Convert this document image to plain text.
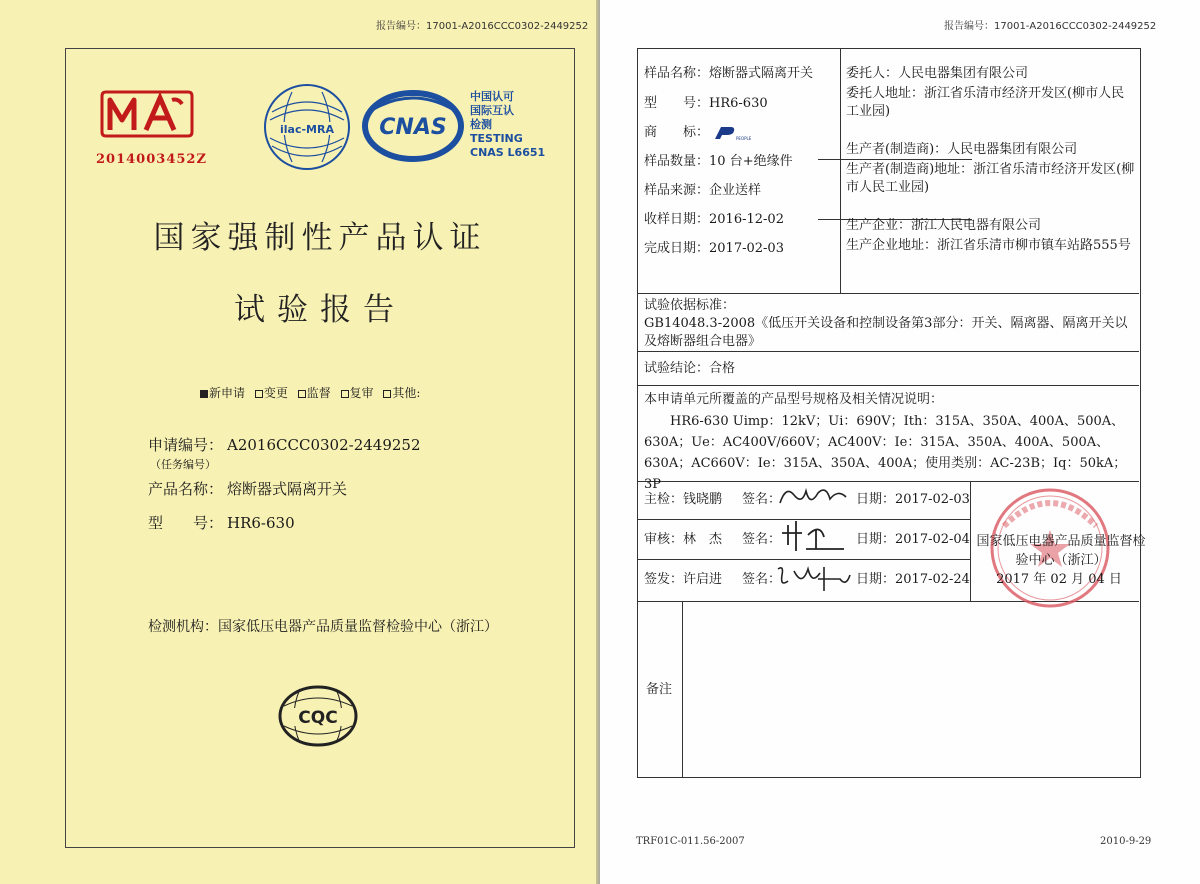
报告编号：17001-A2016CCC0302-2449252
2014003452Z
ilac-MRA CNAS
中国认可
国际互认
检测
TESTING
CNAS L6651
国家强制性产品认证
试验报告
新申请 变更 监督 复审 其他:
申请编号： A2016CCC0302-2449252
（任务编号）
产品名称： 熔断器式隔离开关
型　　号： HR6-630
检测机构：国家低压电器产品质量监督检验中心（浙江）
CQC
报告编号：17001-A2016CCC0302-2449252
样品名称：熔断器式隔离开关
型　　号：HR6-630
商　　标：	PEOPLE
样品数量：10 台+绝缘件
样品来源：企业送样
收样日期：2016-12-02
完成日期：2017-02-03
委托人：人民电器集团有限公司
委托人地址：浙江省乐清市经济开发区(柳市人民工业园)
生产者(制造商)：人民电器集团有限公司
生产者(制造商)地址：浙江省乐清市经济开发区(柳市人民工业园)
生产企业：浙江人民电器有限公司
生产企业地址：浙江省乐清市柳市镇车站路555号
试验依据标准：
GB14048.3-2008《低压开关设备和控制设备第3部分：开关、隔离器、隔离开关以及熔断器组合电器》
试验结论：合格
本申请单元所覆盖的产品型号规格及相关情况说明：
HR6-630 Uimp：12kV；Ui：690V；Ith：315A、350A、400A、500A、630A；Ue：AC400V/660V；AC400V：Ie：315A、350A、400A、500A、630A；AC660V：Ie：315A、350A、400A；使用类别：AC-23B；Iq：50kA；3P
主检：钱晓鹏 签名：	日期：2017-02-03
审核：林　杰 签名：	日期：2017-02-04
签发：许启进 签名：	日期：2017-02-24
备注
国家低压电器产品质量监督检验中心（浙江）
2017 年 02 月 04 日
TRF01C-011.56-2007	2010-9-29
